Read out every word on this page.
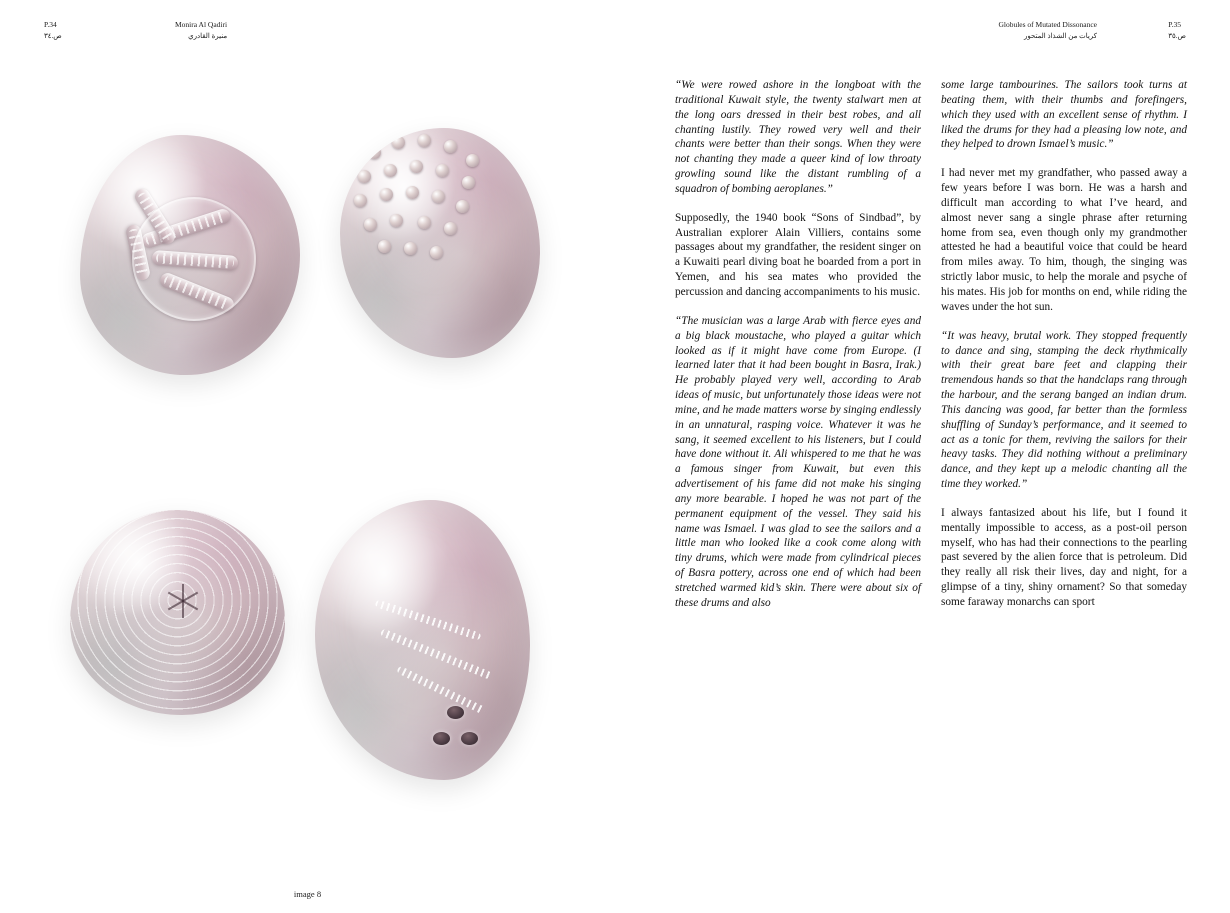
P.34
ص.٣٤
Monira Al Qadiri
منيرة القادري
image 8
Globules of Mutated Dissonance
كريات من الشذاذ المتحور
P.35
ص.٣٥

“We were rowed ashore in the longboat with the traditional Kuwait style, the twenty stalwart men at the long oars dressed in their best robes, and all chanting lustily. They rowed very well and their chants were better than their songs. When they were not chanting they made a queer kind of low throaty growling sound like the distant rumbling of a squadron of bombing aeroplanes.”

Supposedly, the 1940 book “Sons of Sindbad”, by Australian explorer Alain Villiers, contains some passages about my grandfather, the resident singer on a Kuwaiti pearl diving boat he boarded from a port in Yemen, and his sea mates who provided the percussion and dancing accompaniments to his music.

“The musician was a large Arab with fierce eyes and a big black moustache, who played a guitar which looked as if it might have come from Europe. (I learned later that it had been bought in Basra, Irak.) He probably played very well, according to Arab ideas of music, but unfortunately those ideas were not mine, and he made matters worse by singing endlessly in an unnatural, rasping voice. Whatever it was he sang, it seemed excellent to his listeners, but I could have done without it. Ali whispered to me that he was a famous singer from Kuwait, but even this advertisement of his fame did not make his singing any more bearable. I hoped he was not part of the permanent equipment of the vessel. They said his name was Ismael. I was glad to see the sailors and a little man who looked like a cook come along with tiny drums, which were made from cylindrical pieces of Basra pottery, across one end of which had been stretched warmed kid’s skin. There were about six of these drums and also

some large tambourines. The sailors took turns at beating them, with their thumbs and forefingers, which they used with an excellent sense of rhythm. I liked the drums for they had a pleasing low note, and they helped to drown Ismael’s music.”

I had never met my grandfather, who passed away a few years before I was born. He was a harsh and difficult man according to what I’ve heard, and almost never sang a single phrase after returning home from sea, even though only my grandmother attested he had a beautiful voice that could be heard from miles away. To him, though, the singing was strictly labor music, to help the morale and psyche of his mates. His job for months on end, while riding the waves under the hot sun.

“It was heavy, brutal work. They stopped frequently to dance and sing, stamping the deck rhythmically with their great bare feet and clapping their tremendous hands so that the handclaps rang through the harbour, and the serang banged an indian drum. This dancing was good, far better than the formless shuffling of Sunday’s performance, and it seemed to act as a tonic for them, reviving the sailors for their heavy tasks. They did nothing without a preliminary dance, and they kept up a melodic chanting all the time they worked.”

I always fantasized about his life, but I found it mentally impossible to access, as a post-oil person myself, who has had their connections to the pearling past severed by the alien force that is petroleum. Did they really all risk their lives, day and night, for a glimpse of a tiny, shiny ornament? So that someday some faraway monarchs can sport
